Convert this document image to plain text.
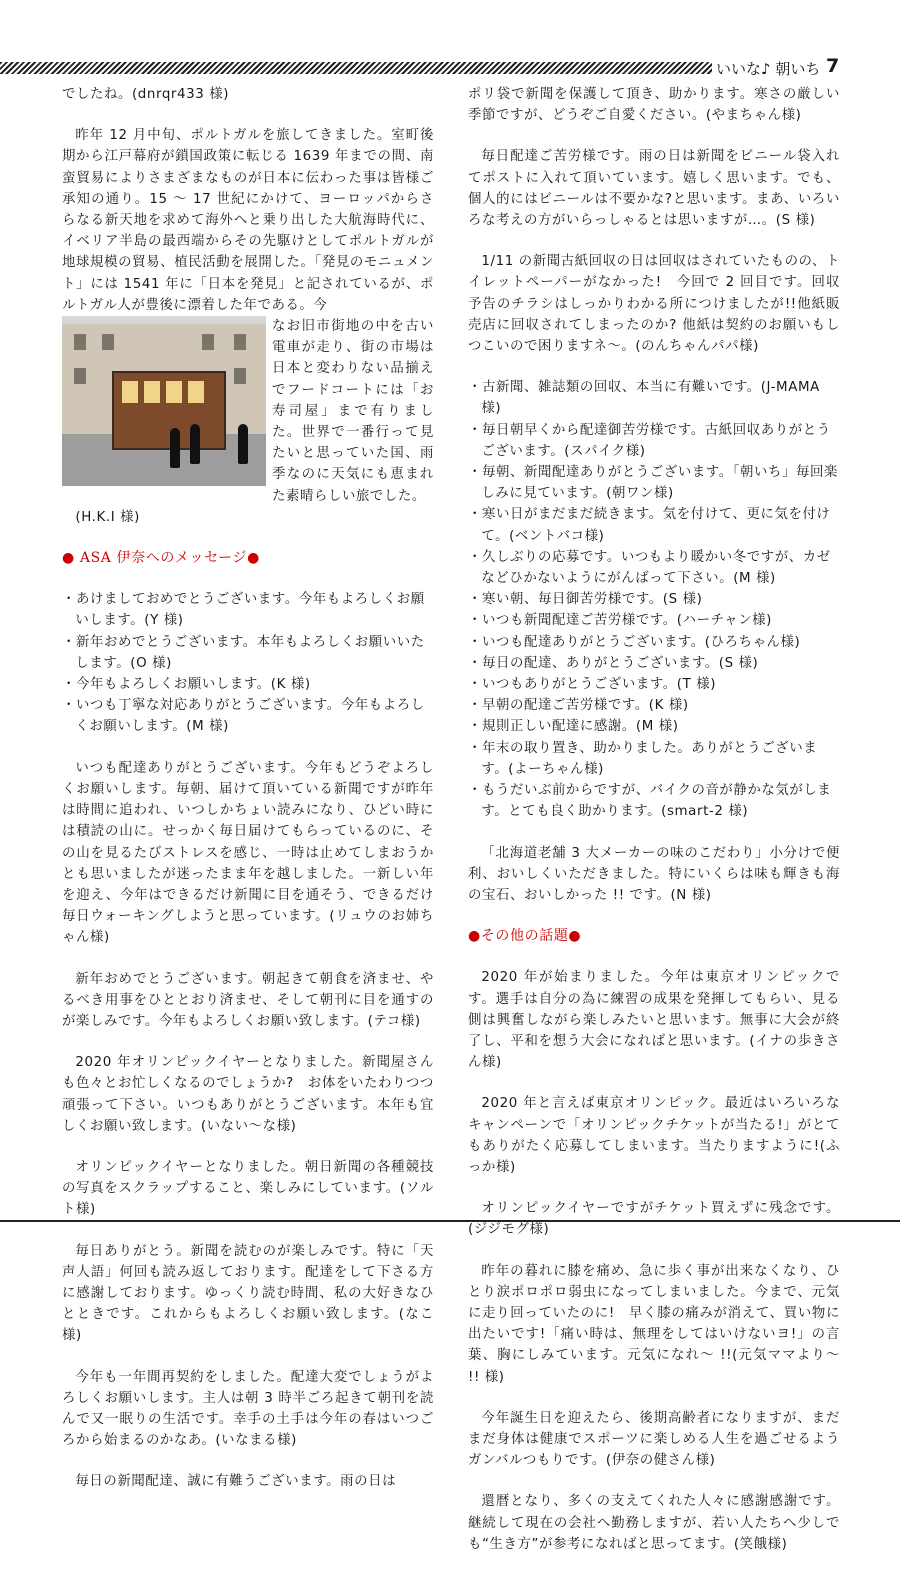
いいな♪ 朝いち 7

でしたね。(dnrqr433 様)

昨年 12 月中旬、ポルトガルを旅してきました。室町後期から江戸幕府が鎖国政策に転じる 1639 年までの間、南蛮貿易によりさまざまなものが日本に伝わった事は皆様ご承知の通り。15 ～ 17 世紀にかけて、ヨーロッパからさらなる新天地を求めて海外へと乗り出した大航海時代に、イベリア半島の最西端からその先駆けとしてポルトガルが地球規模の貿易、植民活動を展開した。「発見のモニュメント」には 1541 年に「日本を発見」と記されているが、ポルトガル人が豊後に漂着した年である。今

なお旧市街地の中を古い電車が走り、街の市場は日本と変わりない品揃えでフードコートには「お寿司屋」まで有りました。世界で一番行って見たいと思っていた国、雨季なのに天気にも恵まれた素晴らしい旅でした。

(H.K.I 様)

● ASA 伊奈へのメッセージ●

・あけましておめでとうございます。今年もよろしくお願いします。(Y 様)
・新年おめでとうございます。本年もよろしくお願いいたします。(O 様)
・今年もよろしくお願いします。(K 様)
・いつも丁寧な対応ありがとうございます。今年もよろしくお願いします。(M 様)

いつも配達ありがとうございます。今年もどうぞよろしくお願いします。毎朝、届けて頂いている新聞ですが昨年は時間に追われ、いつしかちょい読みになり、ひどい時には積読の山に。せっかく毎日届けてもらっているのに、その山を見るたびストレスを感じ、一時は止めてしまおうかとも思いましたが迷ったまま年を越しました。一新しい年を迎え、今年はできるだけ新聞に目を通そう、できるだけ毎日ウォーキングしようと思っています。(リュウのお姉ちゃん様)

新年おめでとうございます。朝起きて朝食を済ませ、やるべき用事をひととおり済ませ、そして朝刊に目を通すのが楽しみです。今年もよろしくお願い致します。(テコ様)

2020 年オリンピックイヤーとなりました。新聞屋さんも色々とお忙しくなるのでしょうか?　お体をいたわりつつ頑張って下さい。いつもありがとうございます。本年も宜しくお願い致します。(いない～な様)

オリンピックイヤーとなりました。朝日新聞の各種競技の写真をスクラップすること、楽しみにしています。(ソルト様)

毎日ありがとう。新聞を読むのが楽しみです。特に「天声人語」何回も読み返しております。配達をして下さる方に感謝しております。ゆっくり読む時間、私の大好きなひとときです。これからもよろしくお願い致します。(なこ様)

今年も一年間再契約をしました。配達大変でしょうがよろしくお願いします。主人は朝 3 時半ごろ起きて朝刊を読んで又一眠りの生活です。幸手の土手は今年の春はいつごろから始まるのかなあ。(いなまる様)

毎日の新聞配達、誠に有難うございます。雨の日は

ポリ袋で新聞を保護して頂き、助かります。寒さの厳しい季節ですが、どうぞご自愛ください。(やまちゃん様)

毎日配達ご苦労様です。雨の日は新聞をビニール袋入れてポストに入れて頂いています。嬉しく思います。でも、個人的にはビニールは不要かな?と思います。まあ、いろいろな考えの方がいらっしゃるとは思いますが…。(S 様)

1/11 の新聞古紙回収の日は回収はされていたものの、トイレットペーパーがなかった!　今回で 2 回目です。回収予告のチラシはしっかりわかる所につけましたが!!他紙販売店に回収されてしまったのか? 他紙は契約のお願いもしつこいので困りますネ～。(のんちゃんパパ様)

・古新聞、雑誌類の回収、本当に有難いです。(J-MAMA 様)
・毎日朝早くから配達御苦労様です。古紙回収ありがとうございます。(スパイク様)
・毎朝、新聞配達ありがとうございます。「朝いち」毎回楽しみに見ています。(朝ワン様)
・寒い日がまだまだ続きます。気を付けて、更に気を付けて。(ベントバコ様)
・久しぶりの応募です。いつもより暖かい冬ですが、カゼなどひかないようにがんばって下さい。(M 様)
・寒い朝、毎日御苦労様です。(S 様)
・いつも新聞配達ご苦労様です。(ハーチャン様)
・いつも配達ありがとうございます。(ひろちゃん様)
・毎日の配達、ありがとうございます。(S 様)
・いつもありがとうございます。(T 様)
・早朝の配達ご苦労様です。(K 様)
・規則正しい配達に感謝。(M 様)
・年末の取り置き、助かりました。ありがとうございます。(よーちゃん様)
・もうだいぶ前からですが、バイクの音が静かな気がします。とても良く助かります。(smart-2 様)

「北海道老舗 3 大メーカーの味のこだわり」小分けで便利、おいしくいただきました。特にいくらは味も輝きも海の宝石、おいしかった !! です。(N 様)

●その他の話題●

2020 年が始まりました。今年は東京オリンピックです。選手は自分の為に練習の成果を発揮してもらい、見る側は興奮しながら楽しみたいと思います。無事に大会が終了し、平和を想う大会になればと思います。(イナの歩きさん様)

2020 年と言えば東京オリンピック。最近はいろいろなキャンペーンで「オリンピックチケットが当たる!」がとてもありがたく応募してしまいます。当たりますように!(ふっか様)

オリンピックイヤーですがチケット買えずに残念です。(ジジモグ様)

昨年の暮れに膝を痛め、急に歩く事が出来なくなり、ひとり涙ポロポロ弱虫になってしまいました。今まで、元気に走り回っていたのに!　早く膝の痛みが消えて、買い物に出たいです!「痛い時は、無理をしてはいけないヨ!」の言葉、胸にしみています。元気になれ～ !!(元気ママより～ !! 様)

今年誕生日を迎えたら、後期高齢者になりますが、まだまだ身体は健康でスポーツに楽しめる人生を過ごせるようガンバルつもりです。(伊奈の健さん様)

還暦となり、多くの支えてくれた人々に感謝感謝です。継続して現在の会社へ勤務しますが、若い人たちへ少しでも“生き方”が参考になればと思ってます。(笑餓様)
